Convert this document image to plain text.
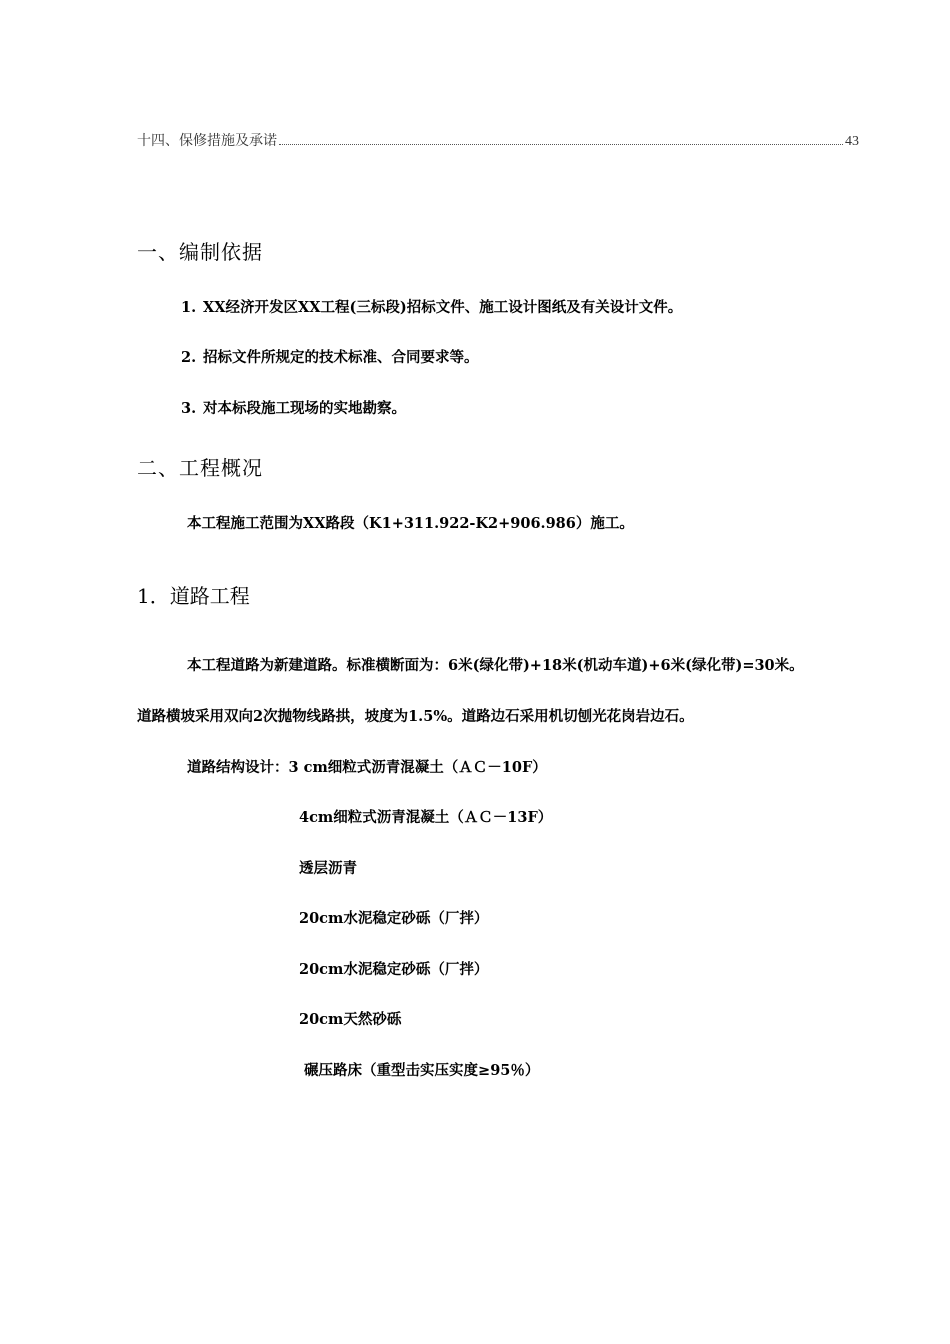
十四、保修措施及承诺	43
一、编制依据
1. XX经济开发区XX工程(三标段)招标文件、施工设计图纸及有关设计文件。
2. 招标文件所规定的技术标准、合同要求等。
3. 对本标段施工现场的实地勘察。
二、工程概况
本工程施工范围为XX路段（K1+311.922-K2+906.986）施工。
1．道路工程
本工程道路为新建道路。标准横断面为：6米(绿化带)+18米(机动车道)+6米(绿化带)=30米。
道路横坡采用双向2次抛物线路拱，坡度为1.5%。道路边石采用机切刨光花岗岩边石。
道路结构设计：3 cm细粒式沥青混凝土（ＡＣ－10F）
4cm细粒式沥青混凝土（ＡＣ－13F）
透层沥青
20cm水泥稳定砂砾（厂拌）
20cm水泥稳定砂砾（厂拌）
20cm天然砂砾
碾压路床（重型击实压实度≥95％）
